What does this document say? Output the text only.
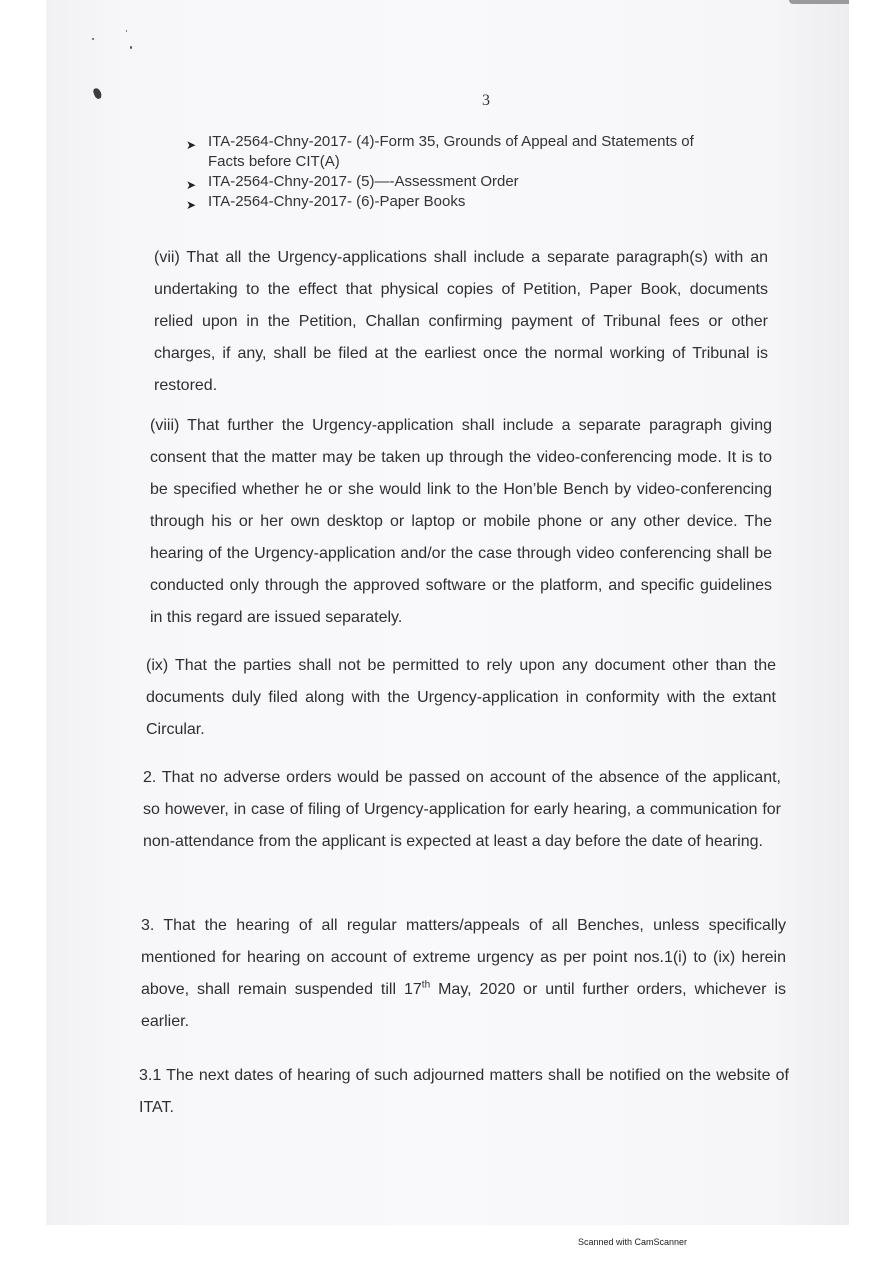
3
➤ ITA-2564-Chny-2017- (4)-Form 35, Grounds of Appeal and Statements of
Facts before CIT(A)
➤ ITA-2564-Chny-2017- (5)—-Assessment Order
➤ ITA-2564-Chny-2017- (6)-Paper Books
(vii) That all the Urgency-applications shall include a separate paragraph(s) with an undertaking to the effect that physical copies of Petition, Paper Book, documents relied upon in the Petition, Challan confirming payment of Tribunal fees or other charges, if any, shall be filed at the earliest once the normal working of Tribunal is restored.
(viii) That further the Urgency-application shall include a separate paragraph giving consent that the matter may be taken up through the video-conferencing mode. It is to be specified whether he or she would link to the Hon’ble Bench by video-conferencing through his or her own desktop or laptop or mobile phone or any other device. The hearing of the Urgency-application and/or the case through video conferencing shall be conducted only through the approved software or the platform, and specific guidelines in this regard are issued separately.
(ix) That the parties shall not be permitted to rely upon any document other than the documents duly filed along with the Urgency-application in conformity with the extant Circular.
2. That no adverse orders would be passed on account of the absence of the applicant, so however, in case of filing of Urgency-application for early hearing, a communication for non-attendance from the applicant is expected at least a day before the date of hearing.
3. That the hearing of all regular matters/appeals of all Benches, unless specifically mentioned for hearing on account of extreme urgency as per point nos.1(i) to (ix) herein above, shall remain suspended till 17th May, 2020 or until further orders, whichever is earlier.
3.1 The next dates of hearing of such adjourned matters shall be notified on the website of ITAT.
Scanned with CamScanner
